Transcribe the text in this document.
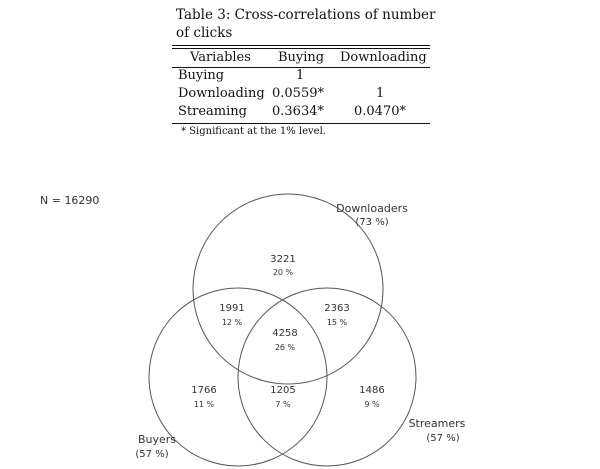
Table 3: Cross-correlations of number of clicks
Variables Buying Downloading
Buying	1
Downloading 0.0559*	1
Streaming 0.3634* 0.0470*
* Significant at the 1% level.
N = 16290
Downloaders
(73 %)
Buyers
(57 %)
Streamers
(57 %)
3221
20 %
1991
12 %
2363
15 %
4258
26 %
1766
11 %
1205
7 %
1486
9 %
